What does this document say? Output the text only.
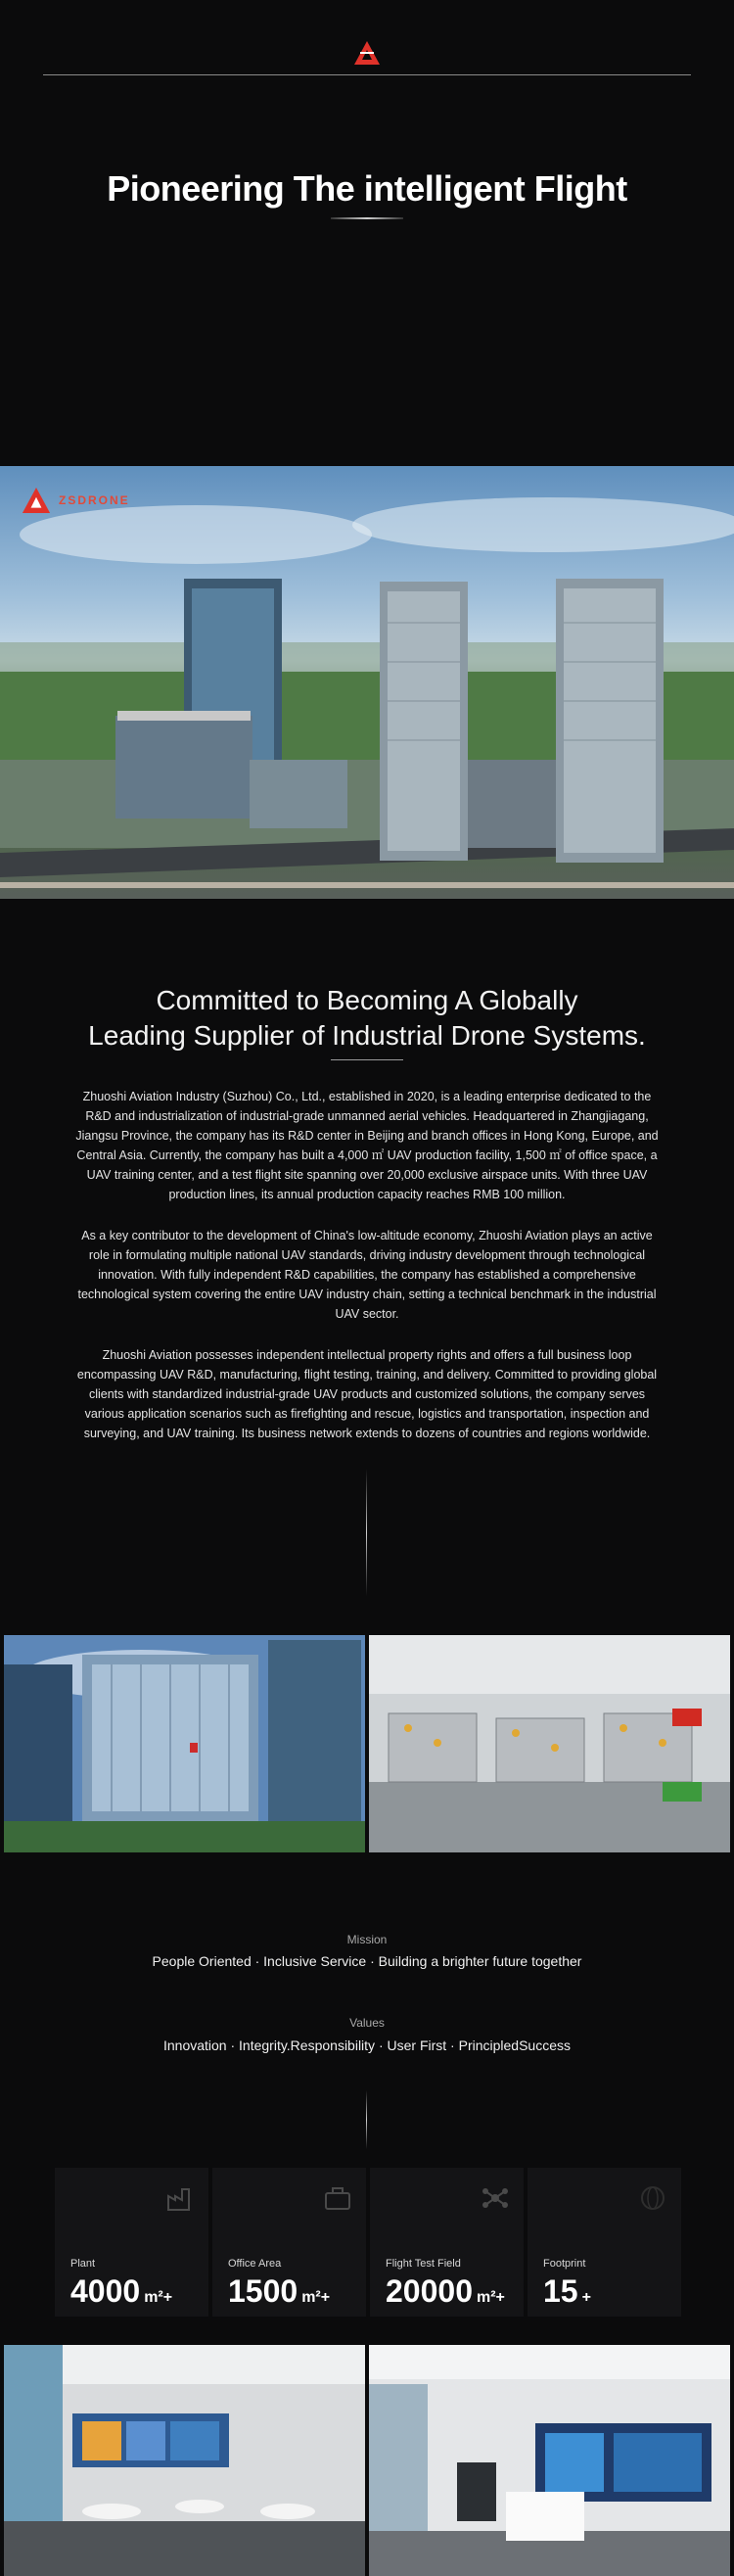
Pioneering The intelligent Flight
ZSDRONE
Committed to Becoming A Globally
Leading Supplier of Industrial Drone Systems.
Zhuoshi Aviation Industry (Suzhou) Co., Ltd., established in 2020, is a leading enterprise dedicated to the R&D and industrialization of industrial-grade unmanned aerial vehicles. Headquartered in Zhangjiagang, Jiangsu Province, the company has its R&D center in Beijing and branch offices in Hong Kong, Europe, and Central Asia. Currently, the company has built a 4,000 ㎡ UAV production facility, 1,500 ㎡ of office space, a UAV training center, and a test flight site spanning over 20,000 exclusive airspace units. With three UAV production lines, its annual production capacity reaches RMB 100 million.
As a key contributor to the development of China's low-altitude economy, Zhuoshi Aviation plays an active role in formulating multiple national UAV standards, driving industry development through technological innovation. With fully independent R&D capabilities, the company has established a comprehensive technological system covering the entire UAV industry chain, setting a technical benchmark in the industrial UAV sector.
Zhuoshi Aviation possesses independent intellectual property rights and offers a full business loop encompassing UAV R&D, manufacturing, flight testing, training, and delivery. Committed to providing global clients with standardized industrial-grade UAV products and customized solutions, the company serves various application scenarios such as firefighting and rescue, logistics and transportation, inspection and surveying, and UAV training. Its business network extends to dozens of countries and regions worldwide.
Mission
People Oriented · Inclusive Service · Building a brighter future together
Values
Innovation · Integrity.Responsibility · User First · PrincipledSuccess
Plant
4000 m²+
Office Area
1500 m²+
Flight Test Field
20000 m²+
Footprint
15 +
